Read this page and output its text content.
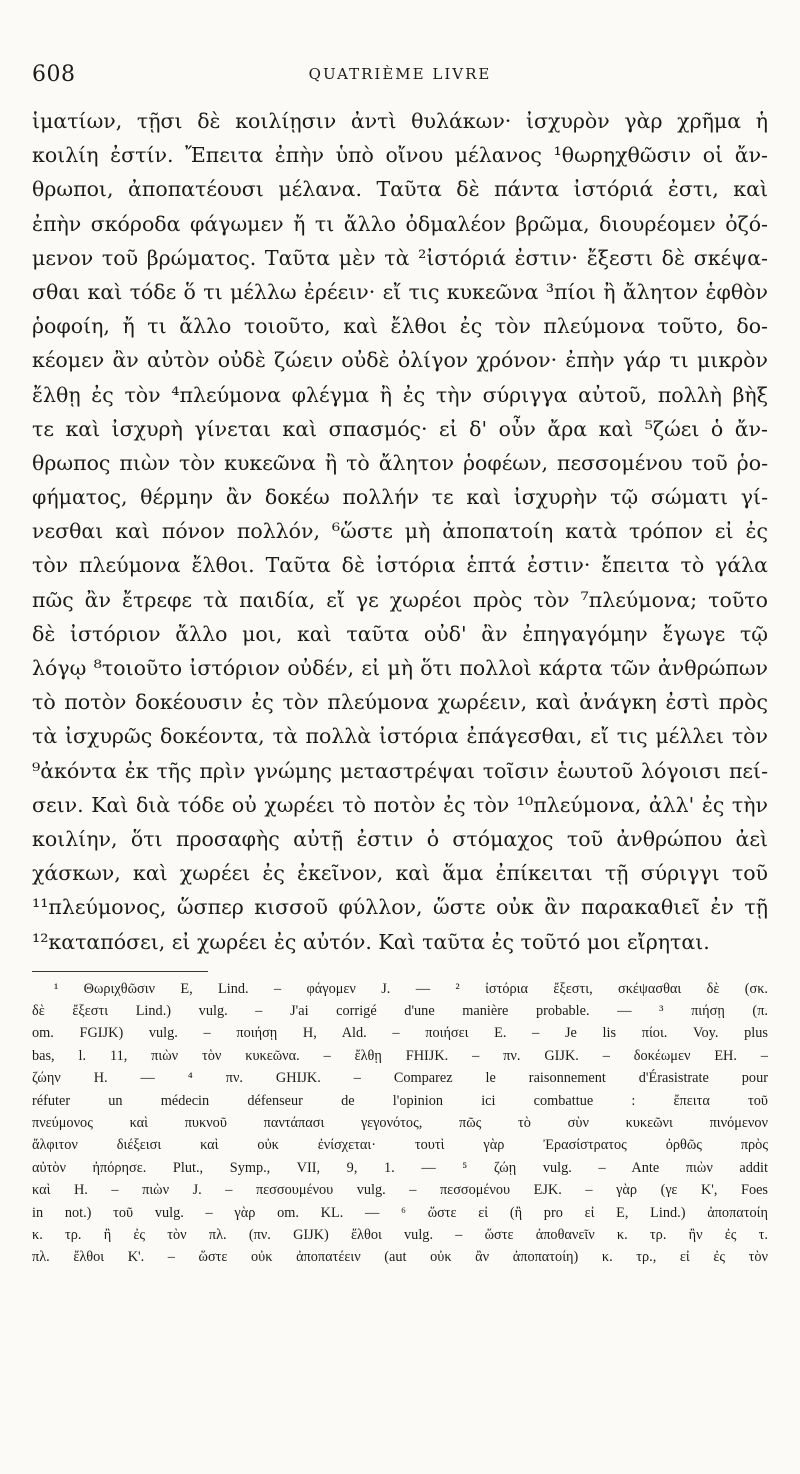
608	QUATRIÈME LIVRE
ἱματίων, τῇσι δὲ κοιλίῃσιν ἀντὶ θυλάκων· ἰσχυρὸν γὰρ χρῆμα ἡ
κοιλίη ἐστίν. Ἔπειτα ἐπὴν ὑπὸ οἴνου μέλανος ¹θωρηχθῶσιν οἱ ἄν-
θρωποι, ἀποπατέουσι μέλανα. Ταῦτα δὲ πάντα ἰστόριά ἐστι, καὶ
ἐπὴν σκόροδα φάγωμεν ἤ τι ἄλλο ὀδμαλέον βρῶμα, διουρέομεν ὀζό-
μενον τοῦ βρώματος. Ταῦτα μὲν τὰ ²ἰστόριά ἐστιν· ἔξεστι δὲ σκέψα-
σθαι καὶ τόδε ὅ τι μέλλω ἐρέειν· εἴ τις κυκεῶνα ³πίοι ἢ ἄλητον ἑφθὸν
ῥοφοίη, ἤ τι ἄλλο τοιοῦτο, καὶ ἔλθοι ἐς τὸν πλεύμονα τοῦτο, δο-
κέομεν ἂν αὐτὸν οὐδὲ ζώειν οὐδὲ ὀλίγον χρόνον· ἐπὴν γάρ τι μικρὸν
ἔλθῃ ἐς τὸν ⁴πλεύμονα φλέγμα ἢ ἐς τὴν σύριγγα αὐτοῦ, πολλὴ βὴξ
τε καὶ ἰσχυρὴ γίνεται καὶ σπασμός· εἰ δ' οὖν ἄρα καὶ ⁵ζώει ὁ ἄν-
θρωπος πιὼν τὸν κυκεῶνα ἢ τὸ ἄλητον ῥοφέων, πεσσομένου τοῦ ῥο-
φήματος, θέρμην ἂν δοκέω πολλήν τε καὶ ἰσχυρὴν τῷ σώματι γί-
νεσθαι καὶ πόνον πολλόν, ⁶ὥστε μὴ ἀποπατοίη κατὰ τρόπον εἰ ἐς
τὸν πλεύμονα ἔλθοι. Ταῦτα δὲ ἰστόρια ἑπτά ἐστιν· ἔπειτα τὸ γάλα
πῶς ἂν ἔτρεφε τὰ παιδία, εἴ γε χωρέοι πρὸς τὸν ⁷πλεύμονα; τοῦτο
δὲ ἰστόριον ἄλλο μοι, καὶ ταῦτα οὐδ' ἂν ἐπηγαγόμην ἔγωγε τῷ
λόγῳ ⁸τοιοῦτο ἰστόριον οὐδέν, εἰ μὴ ὅτι πολλοὶ κάρτα τῶν ἀνθρώπων
τὸ ποτὸν δοκέουσιν ἐς τὸν πλεύμονα χωρέειν, καὶ ἀνάγκη ἐστὶ πρὸς
τὰ ἰσχυρῶς δοκέοντα, τὰ πολλὰ ἰστόρια ἐπάγεσθαι, εἴ τις μέλλει τὸν
⁹ἀκόντα ἐκ τῆς πρὶν γνώμης μεταστρέψαι τοῖσιν ἑωυτοῦ λόγοισι πεί-
σειν. Καὶ διὰ τόδε οὐ χωρέει τὸ ποτὸν ἐς τὸν ¹⁰πλεύμονα, ἀλλ' ἐς τὴν
κοιλίην, ὅτι προσαφὴς αὐτῇ ἐστιν ὁ στόμαχος τοῦ ἀνθρώπου ἀεὶ
χάσκων, καὶ χωρέει ἐς ἐκεῖνον, καὶ ἅμα ἐπίκειται τῇ σύριγγι τοῦ
¹¹πλεύμονος, ὥσπερ κισσοῦ φύλλον, ὥστε οὐκ ἂν παρακαθιεῖ ἐν τῇ
¹²καταπόσει, εἰ χωρέει ἐς αὐτόν. Καὶ ταῦτα ἐς τοῦτό μοι εἴρηται.
¹ Θωριχθῶσιν E, Lind. – φάγομεν J. — ² ἰστόρια ἔξεστι, σκέψασθαι δὲ (σκ.
δὲ ἔξεστι Lind.) vulg. – J'ai corrigé d'une manière probable. — ³ πιήσῃ (π.
om. FGIJK) vulg. – ποιήσῃ H, Ald. – ποιήσει E. – Je lis πίοι. Voy. plus
bas, l. 11, πιὼν τὸν κυκεῶνα. – ἔλθῃ FHIJK. – πν. GIJK. – δοκέωμεν EH. –
ζώην H. — ⁴ πν. GHIJK. – Comparez le raisonnement d'Érasistrate pour
réfuter un médecin défenseur de l'opinion ici combattue : ἔπειτα τοῦ
πνεύμονος καὶ πυκνοῦ παντάπασι γεγονότος, πῶς τὸ σὺν κυκεῶνι πινόμενον
ἄλφιτον διέξεισι καὶ οὐκ ἐνίσχεται· τουτὶ γὰρ Ἐρασίστρατος ὀρθῶς πρὸς
αὐτὸν ἠπόρησε. Plut., Symp., VII, 9, 1. — ⁵ ζώῃ vulg. – Ante πιὼν addit
καὶ H. – πιὼν J. – πεσσουμένου vulg. – πεσσομένου EJK. – γὰρ (γε K', Foes
in not.) τοῦ vulg. – γὰρ om. KL. — ⁶ ὥστε εἰ (ἢ pro εἰ E, Lind.) ἀποπατοίη
κ. τρ. ἢ ἐς τὸν πλ. (πν. GIJK) ἔλθοι vulg. – ὥστε ἀποθανεῖν κ. τρ. ἢν ἐς τ.
πλ. ἔλθοι K'. – ὥστε οὐκ ἀποπατέειν (aut οὐκ ἂν ἀποπατοίη) κ. τρ., εἰ ἐς τὸν
